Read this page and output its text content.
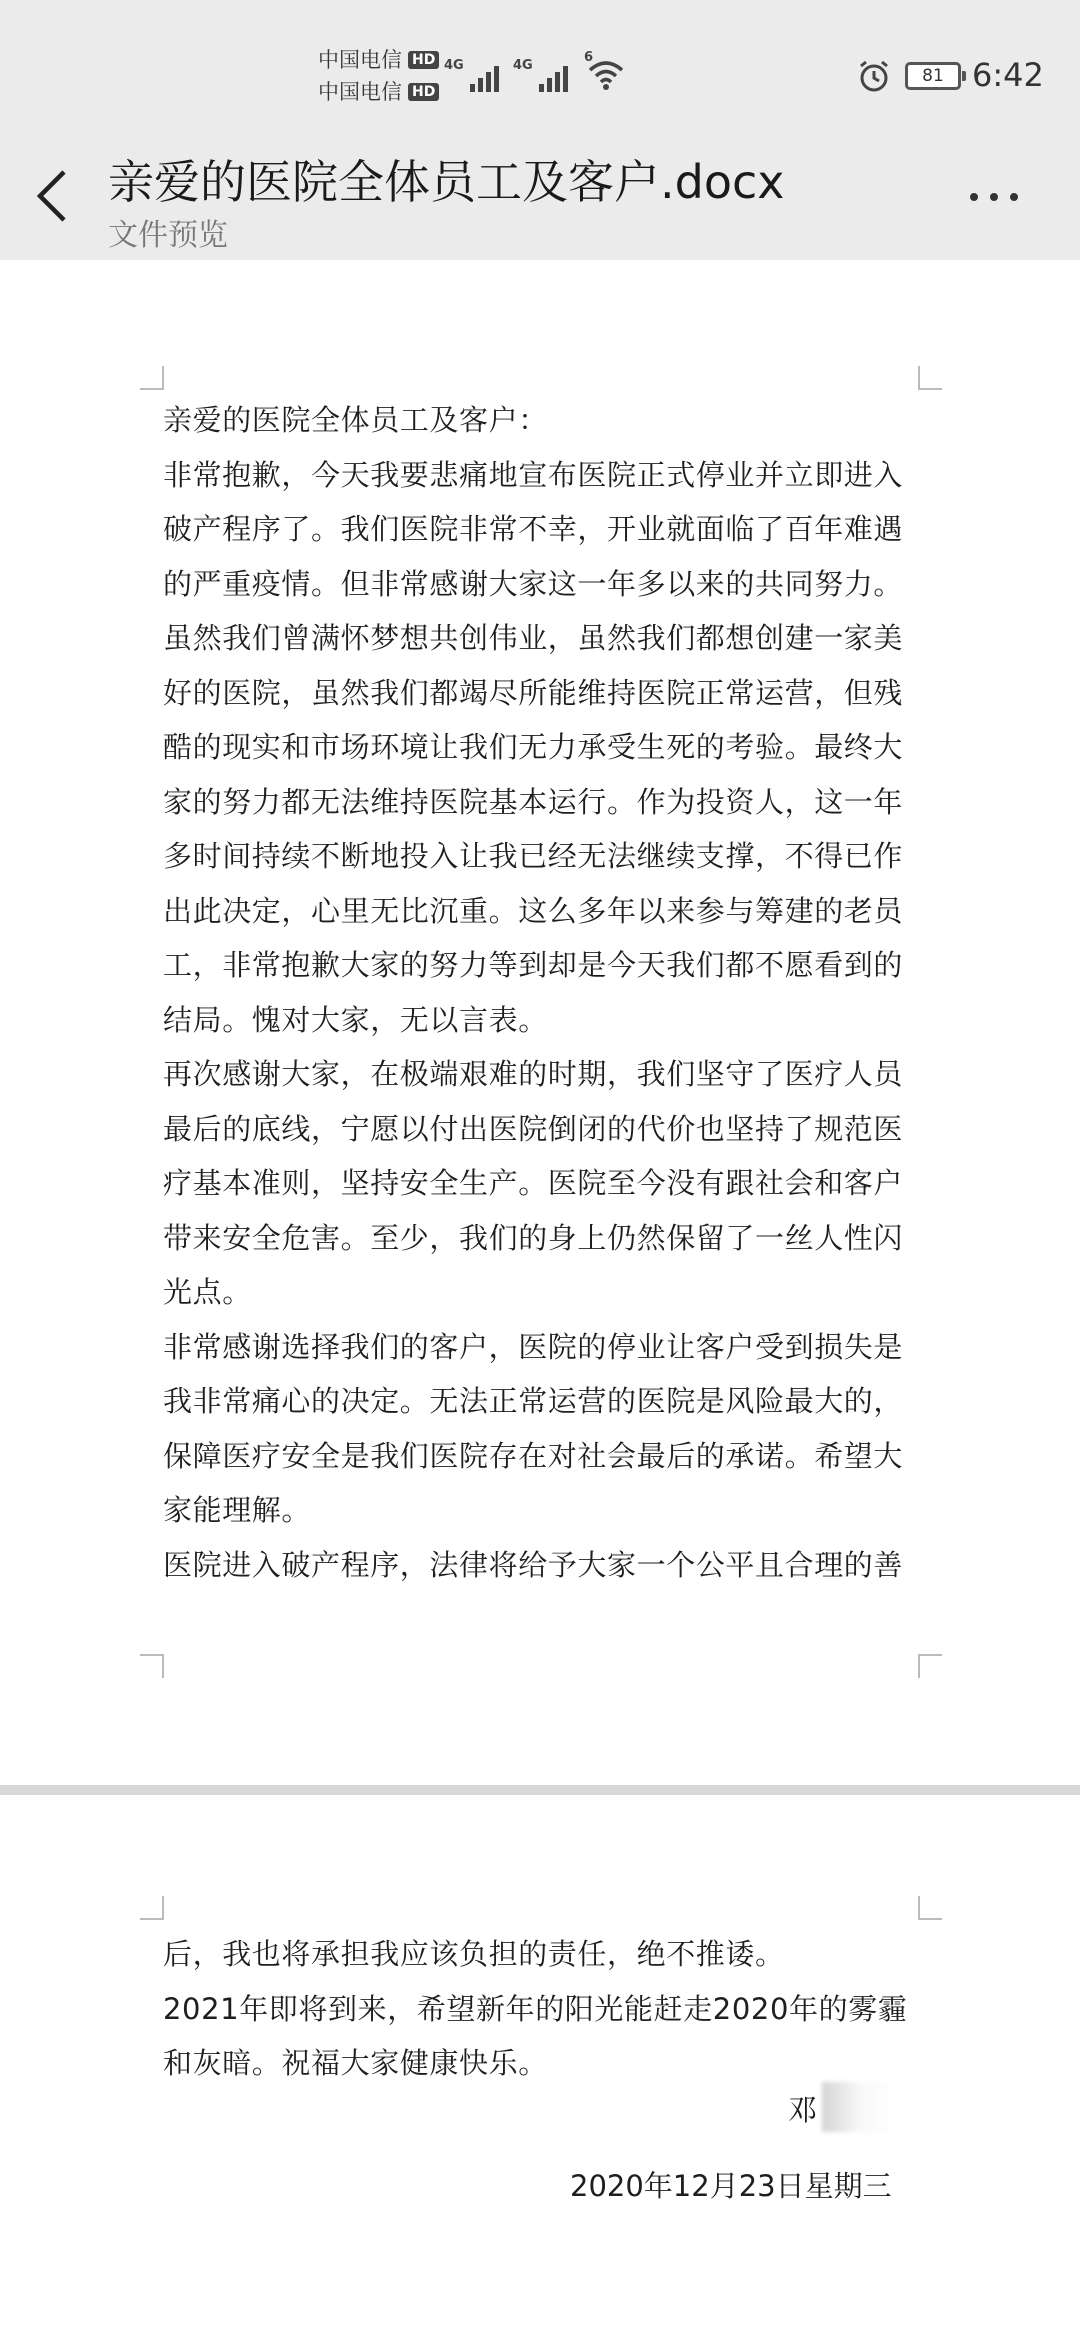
中国电信 HD
中国电信 HD
4G	4G
6
81 6:42
亲爱的医院全体员工及客户.docx
文件预览

亲爱的医院全体员工及客户：

非常抱歉，今天我要悲痛地宣布医院正式停业并立即进入破产程序了。我们医院非常不幸，开业就面临了百年难遇的严重疫情。但非常感谢大家这一年多以来的共同努力。虽然我们曾满怀梦想共创伟业，虽然我们都想创建一家美好的医院，虽然我们都竭尽所能维持医院正常运营，但残酷的现实和市场环境让我们无力承受生死的考验。最终大家的努力都无法维持医院基本运行。作为投资人，这一年多时间持续不断地投入让我已经无法继续支撑，不得已作出此决定，心里无比沉重。这么多年以来参与筹建的老员工，非常抱歉大家的努力等到却是今天我们都不愿看到的结局。愧对大家，无以言表。

再次感谢大家，在极端艰难的时期，我们坚守了医疗人员最后的底线，宁愿以付出医院倒闭的代价也坚持了规范医疗基本准则，坚持安全生产。医院至今没有跟社会和客户带来安全危害。至少，我们的身上仍然保留了一丝人性闪光点。

非常感谢选择我们的客户，医院的停业让客户受到损失是我非常痛心的决定。无法正常运营的医院是风险最大的，保障医疗安全是我们医院存在对社会最后的承诺。希望大家能理解。

医院进入破产程序，法律将给予大家一个公平且合理的善

后，我也将承担我应该负担的责任，绝不推诿。

2021年即将到来，希望新年的阳光能赶走2020年的雾霾和灰暗。祝福大家健康快乐。

邓
2020年12月23日星期三
